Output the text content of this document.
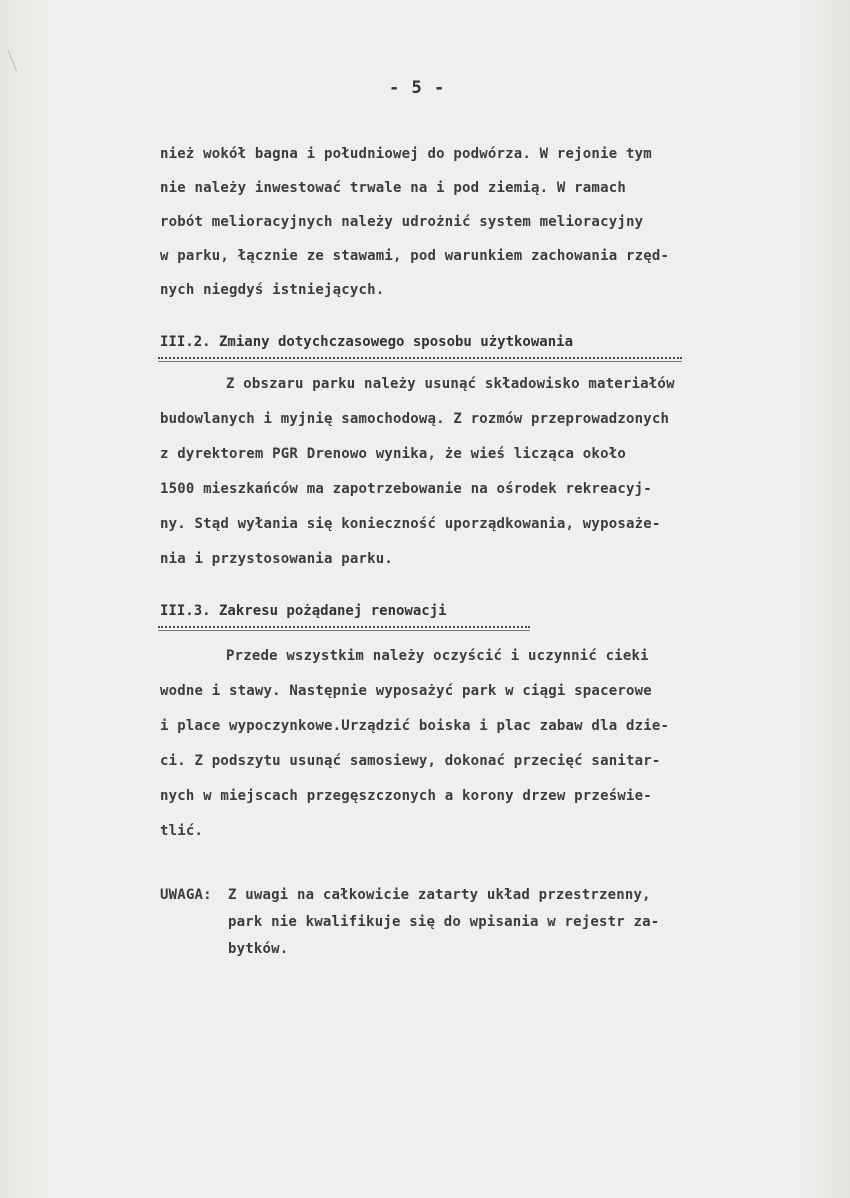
- 5 -
nież wokół bagna i południowej do podwórza. W rejonie tym
nie należy inwestować trwale na i pod ziemią. W ramach
robót melioracyjnych należy udrożnić system melioracyjny
w parku, łącznie ze stawami, pod warunkiem zachowania rzęd-
nych niegdyś istniejących.
III.2. Zmiany dotychczasowego sposobu użytkowania
Z obszaru parku należy usunąć składowisko materiałów
budowlanych i myjnię samochodową. Z rozmów przeprowadzonych
z dyrektorem PGR Drenowo wynika, że wieś licząca około
1500 mieszkańców ma zapotrzebowanie na ośrodek rekreacyj-
ny. Stąd wyłania się konieczność uporządkowania, wyposaże-
nia i przystosowania parku.
III.3. Zakresu pożądanej renowacji
Przede wszystkim należy oczyścić i uczynnić cieki
wodne i stawy. Następnie wyposażyć park w ciągi spacerowe
i place wypoczynkowe.Urządzić boiska i plac zabaw dla dzie-
ci. Z podszytu usunąć samosiewy, dokonać przecięć sanitar-
nych w miejscach przegęszczonych a korony drzew prześwie-
tlić.
UWAGA: Z uwagi na całkowicie zatarty układ przestrzenny,
park nie kwalifikuje się do wpisania w rejestr za-
bytków.
